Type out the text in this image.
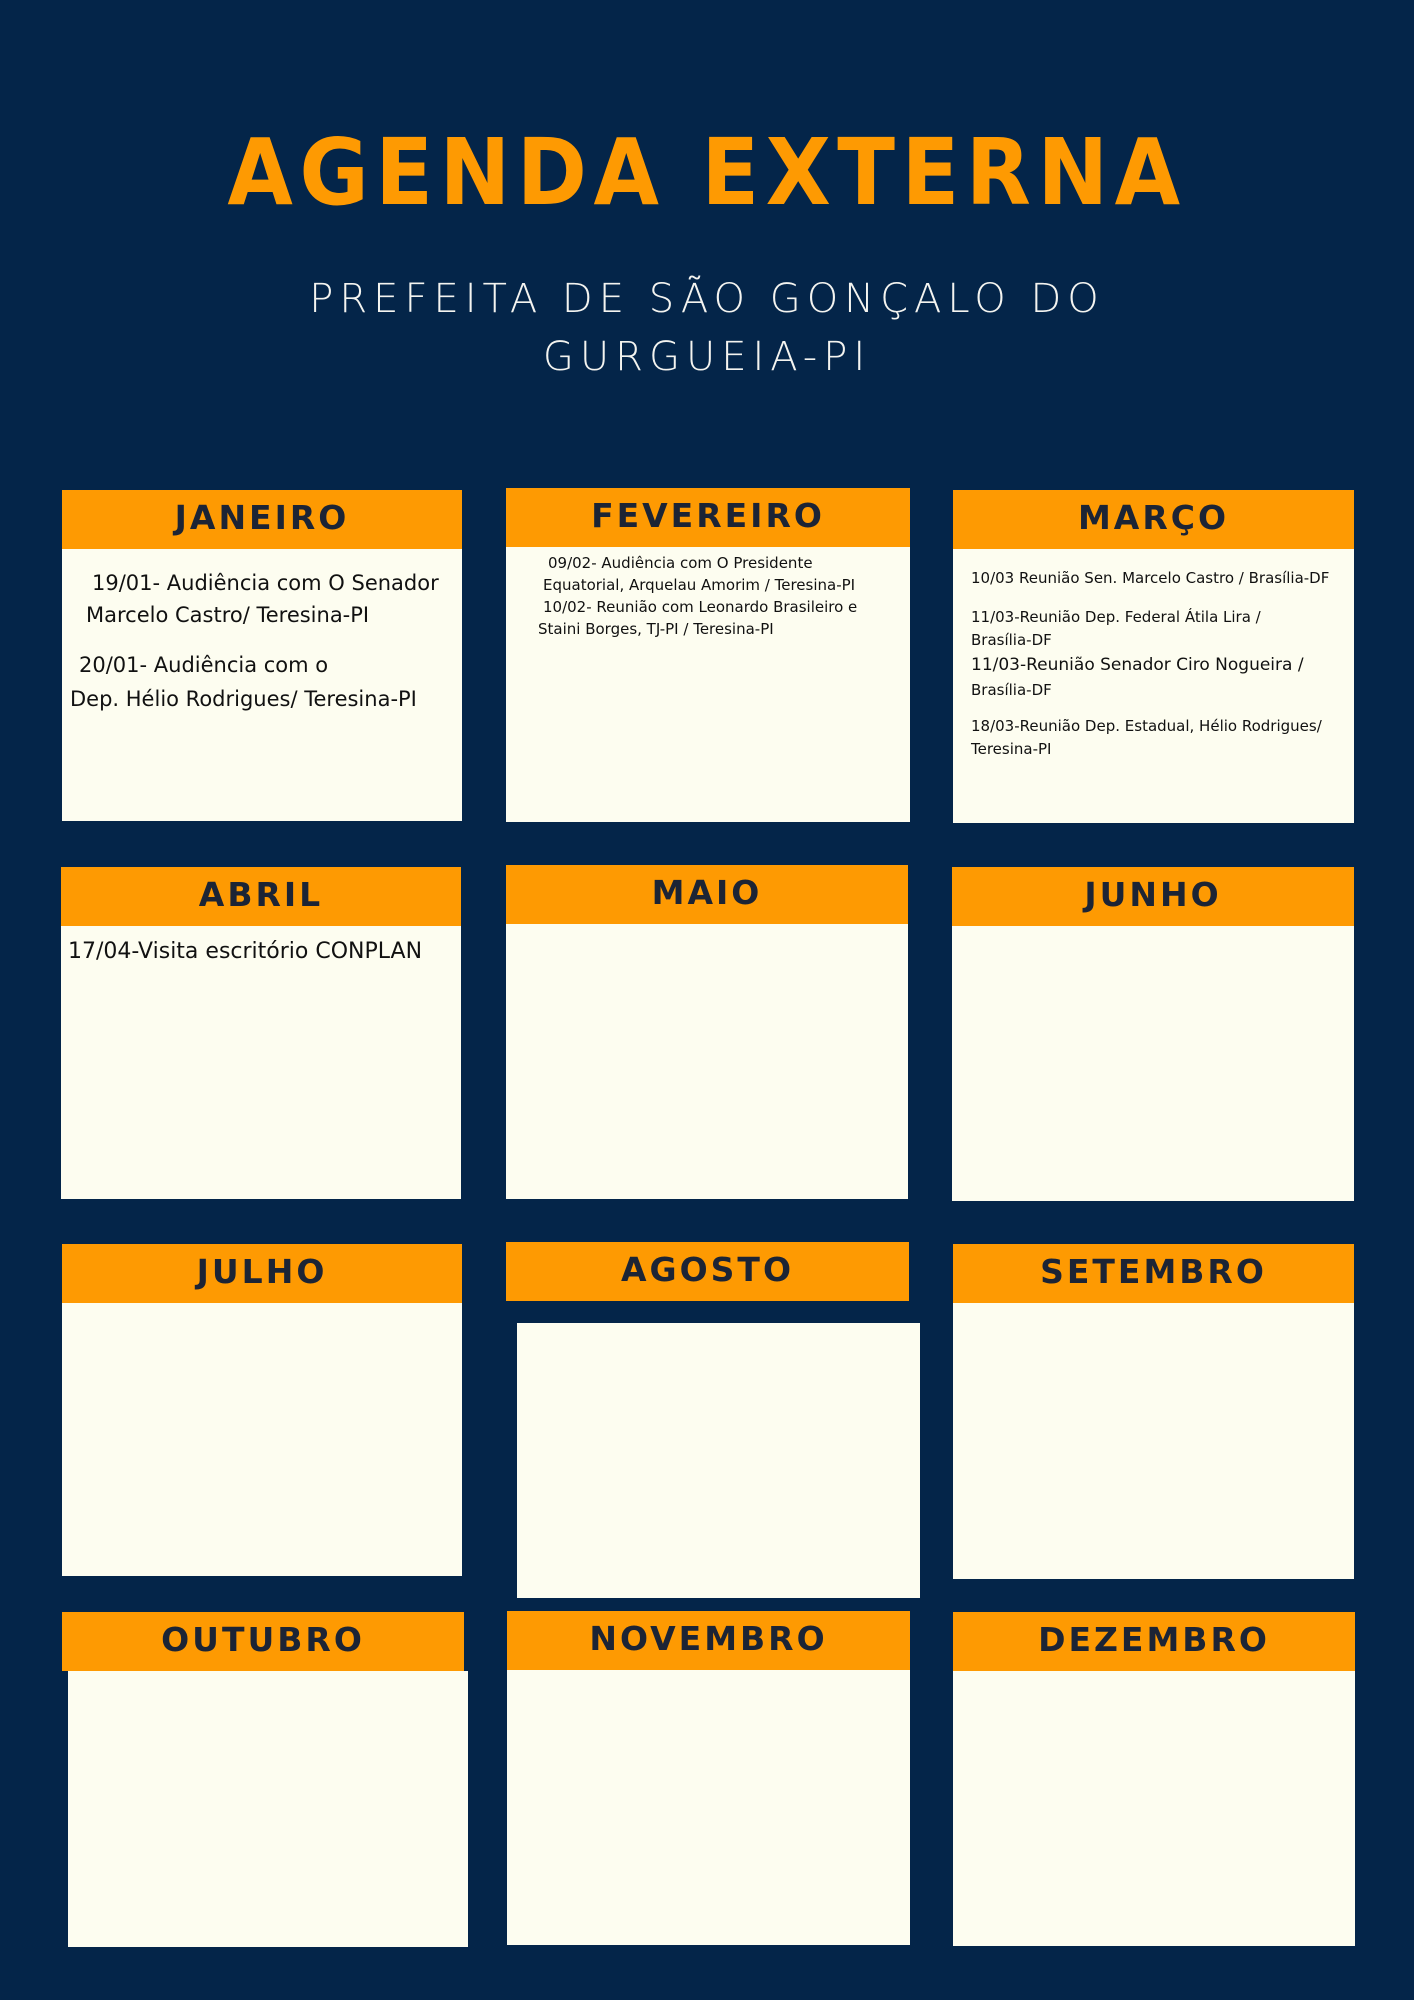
AGENDA EXTERNA
PREFEITA DE SÃO GONÇALO DO
GURGUEIA-PI
JANEIRO
19/01- Audiência com O Senador
Marcelo Castro/ Teresina-PI
20/01- Audiência com o
Dep. Hélio Rodrigues/ Teresina-PI
FEVEREIRO
09/02- Audiência com O Presidente
Equatorial, Arquelau Amorim / Teresina-PI
10/02- Reunião com Leonardo Brasileiro e
Staini Borges, TJ-PI / Teresina-PI
MARÇO
10/03 Reunião Sen. Marcelo Castro / Brasília-DF
11/03-Reunião Dep. Federal Átila Lira /
Brasília-DF
11/03-Reunião Senador Ciro Nogueira /
Brasília-DF
18/03-Reunião Dep. Estadual, Hélio Rodrigues/
Teresina-PI
ABRIL
17/04-Visita escritório CONPLAN
MAIO	JUNHO
JULHO	AGOSTO	SETEMBRO
OUTUBRO	NOVEMBRO	DEZEMBRO
